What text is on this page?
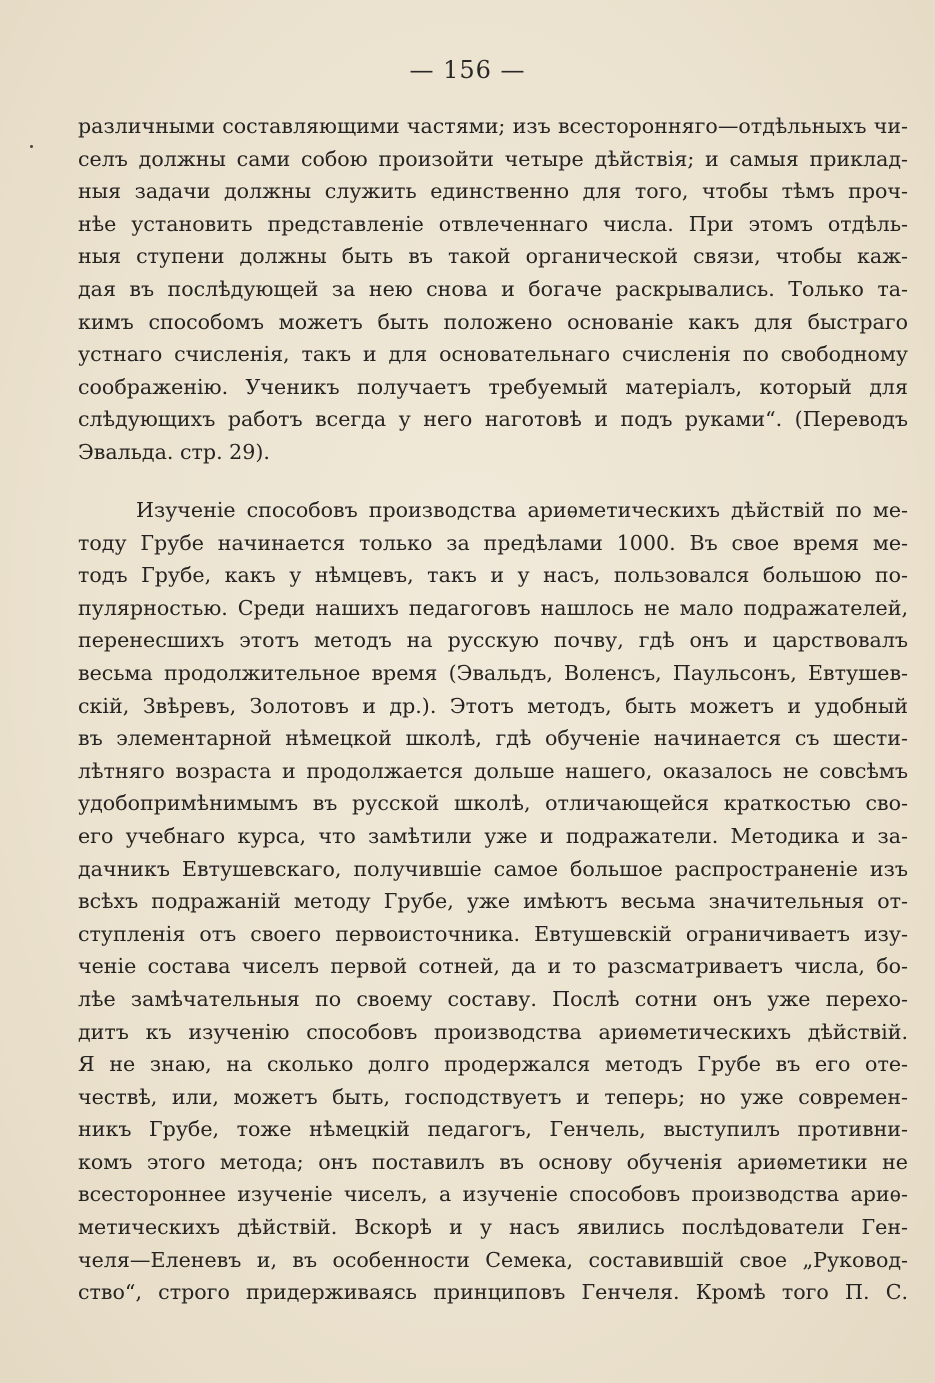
— 156 —
различными составляющими частями; изъ всесторонняго—отдѣльныхъ чи-
селъ должны сами собою произойти четыре дѣйствія; и самыя приклад-
ныя задачи должны служить единственно для того, чтобы тѣмъ проч-
нѣе установить представленіе отвлеченнаго числа. При этомъ отдѣль-
ныя ступени должны быть въ такой органической связи, чтобы каж-
дая въ послѣдующей за нею снова и богаче раскрывались. Только та-
кимъ способомъ можетъ быть положено основаніе какъ для быстраго
устнаго счисленія, такъ и для основательнаго счисленія по свободному
соображенію. Ученикъ получаетъ требуемый матеріалъ, который для
слѣдующихъ работъ всегда у него наготовѣ и подъ руками“. (Переводъ
Эвальда. стр. 29).
Изученіе способовъ производства ариѳметическихъ дѣйствій по ме-
тоду Грубе начинается только за предѣлами 1000. Въ свое время ме-
тодъ Грубе, какъ у нѣмцевъ, такъ и у насъ, пользовался большою по-
пулярностью. Среди нашихъ педагоговъ нашлось не мало подражателей,
перенесшихъ этотъ методъ на русскую почву, гдѣ онъ и царствовалъ
весьма продолжительное время (Эвальдъ, Воленсъ, Паульсонъ, Евтушев-
скій, Звѣревъ, Золотовъ и др.). Этотъ методъ, быть можетъ и удобный
въ элементарной нѣмецкой школѣ, гдѣ обученіе начинается съ шести-
лѣтняго возраста и продолжается дольше нашего, оказалось не совсѣмъ
удобопримѣнимымъ въ русской школѣ, отличающейся краткостью сво-
его учебнаго курса, что замѣтили уже и подражатели. Методика и за-
дачникъ Евтушевскаго, получившіе самое большое распространеніе изъ
всѣхъ подражаній методу Грубе, уже имѣютъ весьма значительныя от-
ступленія отъ своего первоисточника. Евтушевскій ограничиваетъ изу-
ченіе состава чиселъ первой сотней, да и то разсматриваетъ числа, бо-
лѣе замѣчательныя по своему составу. Послѣ сотни онъ уже перехо-
дитъ къ изученію способовъ производства ариѳметическихъ дѣйствій.
Я не знаю, на сколько долго продержался методъ Грубе въ его оте-
чествѣ, или, можетъ быть, господствуетъ и теперь; но уже современ-
никъ Грубе, тоже нѣмецкій педагогъ, Генчель, выступилъ противни-
комъ этого метода; онъ поставилъ въ основу обученія ариѳметики не
всестороннее изученіе чиселъ, а изученіе способовъ производства ариѳ-
метическихъ дѣйствій. Вскорѣ и у насъ явились послѣдователи Ген-
челя—Еленевъ и, въ особенности Семека, составившій свое „Руковод-
ство“, строго придерживаясь принциповъ Генчеля. Кромѣ того П. С.
